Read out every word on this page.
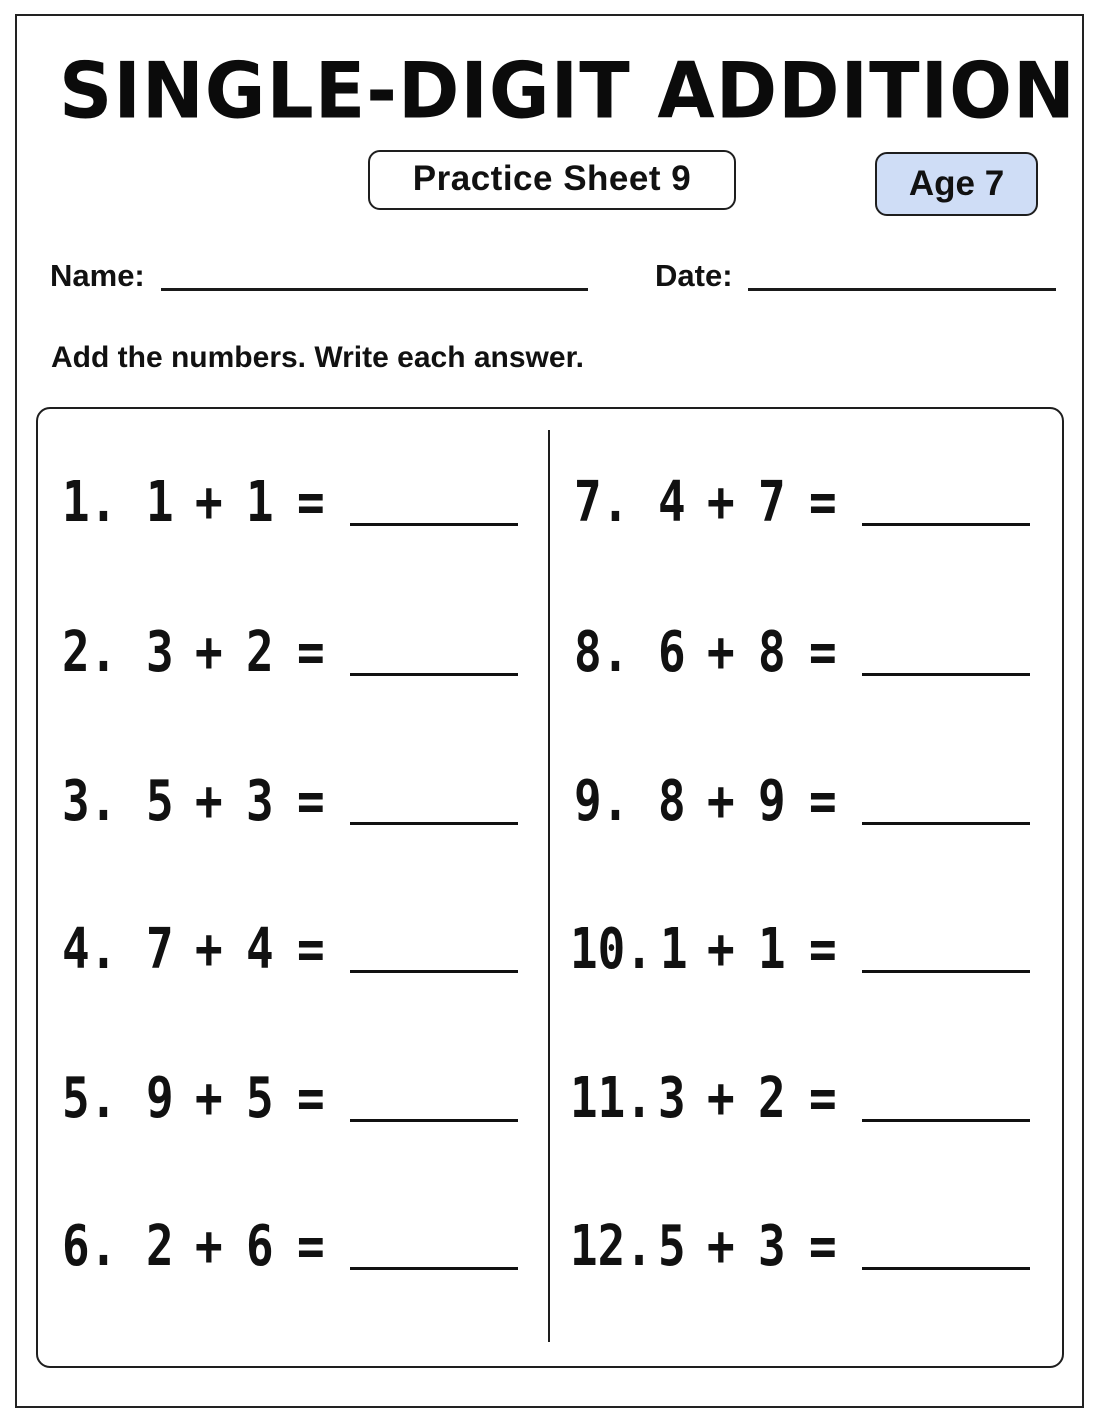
SINGLE-DIGIT ADDITION
Practice Sheet 9	Age 7
Name:	Date:
Add the numbers. Write each answer.
1. 1 + 1 =
2. 3 + 2 =
3. 5 + 3 =
4. 7 + 4 =
5. 9 + 5 =
6. 2 + 6 =
7. 4 + 7 =
8. 6 + 8 =
9. 8 + 9 =
10. 1 + 1 =
11. 3 + 2 =
12. 5 + 3 =
